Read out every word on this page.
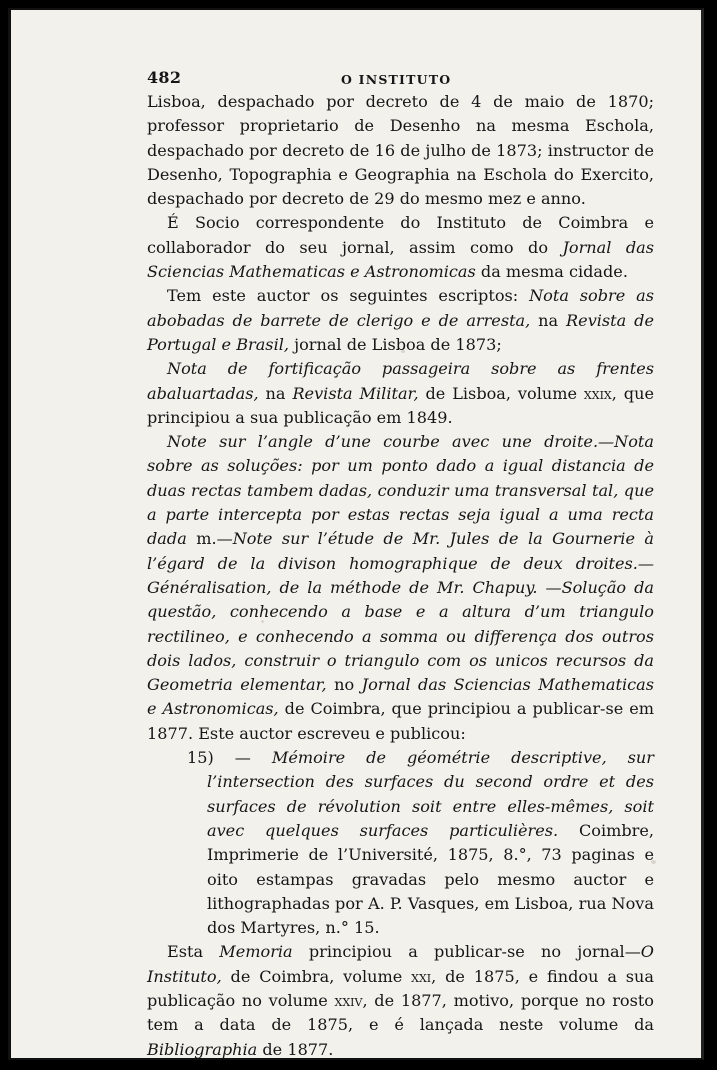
482	O INSTITUTO

Lisboa, despachado por decreto de 4 de maio de 1870; professor proprietario de Desenho na mesma Eschola, despachado por decreto de 16 de julho de 1873; instructor de Desenho, Topographia e Geographia na Eschola do Exercito, despachado por decreto de 29 do mesmo mez e anno.

É Socio correspondente do Instituto de Coimbra e collaborador do seu jornal, assim como do Jornal das Sciencias Mathematicas e Astronomicas da mesma cidade.

Tem este auctor os seguintes escriptos: Nota sobre as abobadas de barrete de clerigo e de arresta, na Revista de Portugal e Brasil, jornal de Lisboa de 1873;

Nota de fortificação passageira sobre as frentes abaluartadas, na Revista Militar, de Lisboa, volume xxix, que principiou a sua publicação em 1849.

Note sur l’angle d’une courbe avec une droite.—Nota sobre as soluções: por um ponto dado a igual distancia de duas rectas tambem dadas, conduzir uma transversal tal, que a parte intercepta por estas rectas seja igual a uma recta dada m.—Note sur l’étude de Mr. Jules de la Gournerie à l’égard de la divison homographique de deux droites.—Généralisation, de la méthode de Mr. Chapuy. —Solução da questão, conhecendo a base e a altura d’um triangulo rectilineo, e conhecendo a somma ou differença dos outros dois lados, construir o triangulo com os unicos recursos da Geometria elementar, no Jornal das Sciencias Mathematicas e Astronomicas, de Coimbra, que principiou a publicar-se em 1877. Este auctor escreveu e publicou:

15) — Mémoire de géométrie descriptive, sur l’intersection des surfaces du second ordre et des surfaces de révolution soit entre elles-mêmes, soit avec quelques surfaces particulières. Coimbre, Imprimerie de l’Université, 1875, 8.°, 73 paginas e oito estampas gravadas pelo mesmo auctor e lithographadas por A. P. Vasques, em Lisboa, rua Nova dos Martyres, n.° 15.

Esta Memoria principiou a publicar-se no jornal—O Instituto, de Coimbra, volume xxi, de 1875, e findou a sua publicação no volume xxiv, de 1877, motivo, porque no rosto tem a data de 1875, e é lançada neste volume da Bibliographia de 1877.
